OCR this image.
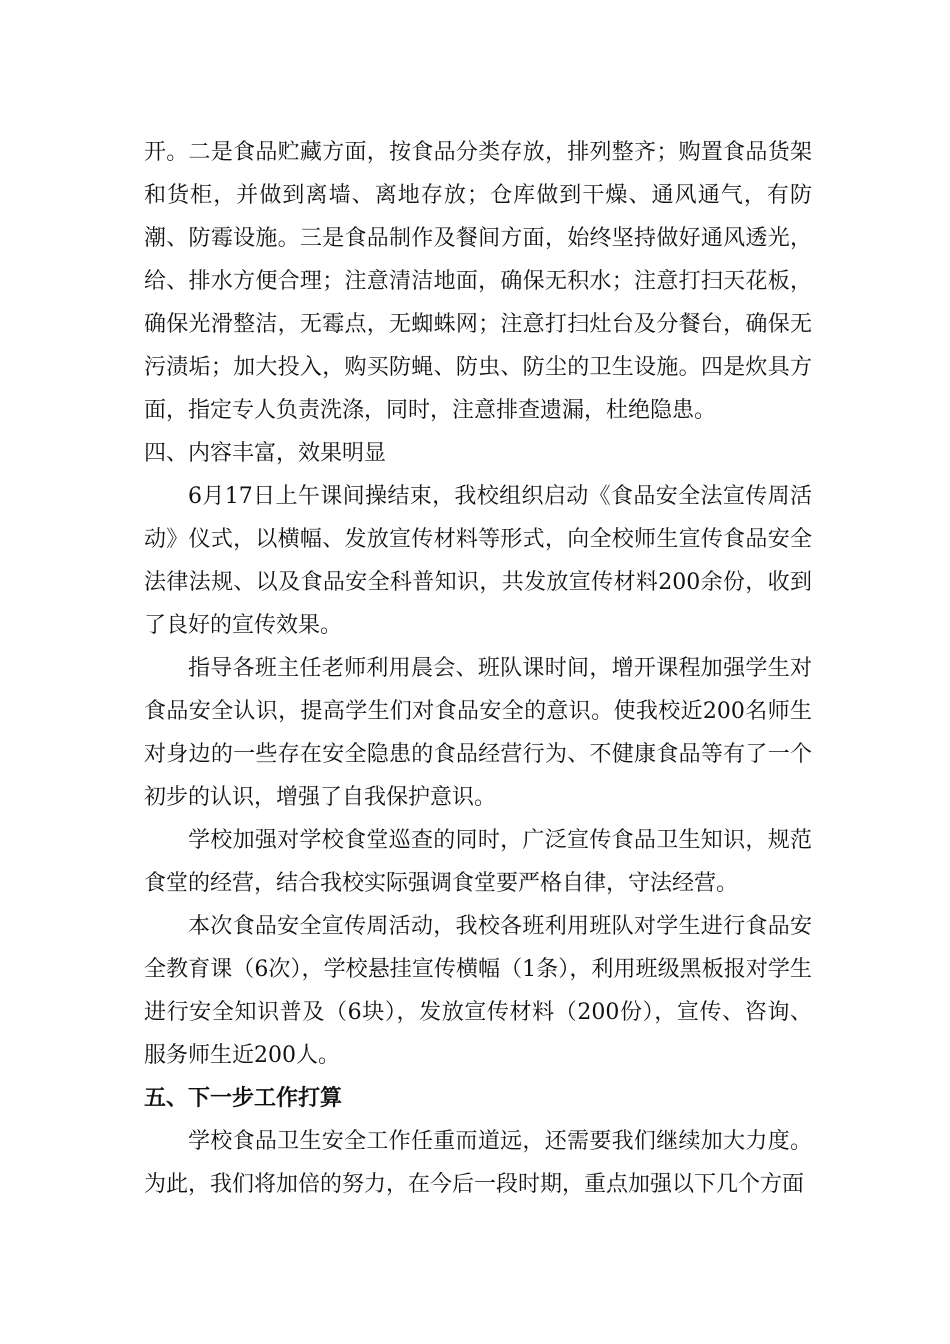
开。二是食品贮藏方面，按食品分类存放，排列整齐；购置食品货架和货柜，并做到离墙、离地存放；仓库做到干燥、通风通气，有防潮、防霉设施。三是食品制作及餐间方面，始终坚持做好通风透光，给、排水方便合理；注意清洁地面，确保无积水；注意打扫天花板，确保光滑整洁，无霉点，无蜘蛛网；注意打扫灶台及分餐台，确保无污渍垢；加大投入，购买防蝇、防虫、防尘的卫生设施。四是炊具方面，指定专人负责洗涤，同时，注意排查遗漏，杜绝隐患。

四、内容丰富，效果明显

6月17日上午课间操结束，我校组织启动《食品安全法宣传周活动》仪式，以横幅、发放宣传材料等形式，向全校师生宣传食品安全法律法规、以及食品安全科普知识，共发放宣传材料200余份，收到了良好的宣传效果。

指导各班主任老师利用晨会、班队课时间，增开课程加强学生对食品安全认识，提高学生们对食品安全的意识。使我校近200名师生对身边的一些存在安全隐患的食品经营行为、不健康食品等有了一个初步的认识，增强了自我保护意识。

学校加强对学校食堂巡查的同时，广泛宣传食品卫生知识，规范食堂的经营，结合我校实际强调食堂要严格自律，守法经营。

本次食品安全宣传周活动，我校各班利用班队对学生进行食品安全教育课（6次），学校悬挂宣传横幅（1条），利用班级黑板报对学生进行安全知识普及（6块），发放宣传材料（200份），宣传、咨询、服务师生近200人。

五、下一步工作打算

学校食品卫生安全工作任重而道远，还需要我们继续加大力度。为此，我们将加倍的努力，在今后一段时期，重点加强以下几个方面
